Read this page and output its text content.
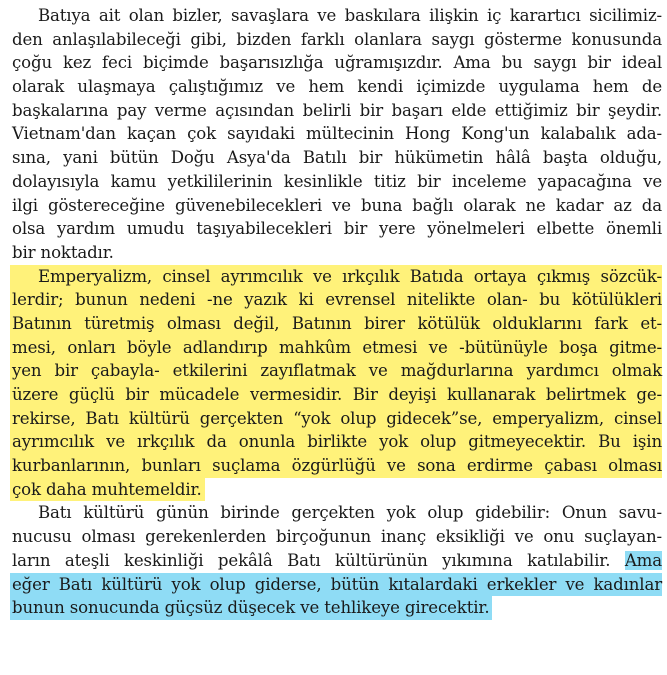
Batıya ait olan bizler, savaşlara ve baskılara ilişkin iç karartıcı sicilimiz-
den anlaşılabileceği gibi, bizden farklı olanlara saygı gösterme konusunda
çoğu kez feci biçimde başarısızlığa uğramışızdır. Ama bu saygı bir ideal
olarak ulaşmaya çalıştığımız ve hem kendi içimizde uygulama hem de
başkalarına pay verme açısından belirli bir başarı elde ettiğimiz bir şeydir.
Vietnam'dan kaçan çok sayıdaki mültecinin Hong Kong'un kalabalık ada-
sına, yani bütün Doğu Asya'da Batılı bir hükümetin hâlâ başta olduğu,
dolayısıyla kamu yetkililerinin kesinlikle titiz bir inceleme yapacağına ve
ilgi göstereceğine güvenebilecekleri ve buna bağlı olarak ne kadar az da
olsa yardım umudu taşıyabilecekleri bir yere yönelmeleri elbette önemli
bir noktadır.
Emperyalizm, cinsel ayrımcılık ve ırkçılık Batıda ortaya çıkmış sözcük-
lerdir; bunun nedeni -ne yazık ki evrensel nitelikte olan- bu kötülükleri
Batının türetmiş olması değil, Batının birer kötülük olduklarını fark et-
mesi, onları böyle adlandırıp mahkûm etmesi ve -bütünüyle boşa gitme-
yen bir çabayla- etkilerini zayıflatmak ve mağdurlarına yardımcı olmak
üzere güçlü bir mücadele vermesidir. Bir deyişi kullanarak belirtmek ge-
rekirse, Batı kültürü gerçekten “yok olup gidecek”se, emperyalizm, cinsel
ayrımcılık ve ırkçılık da onunla birlikte yok olup gitmeyecektir. Bu işin
kurbanlarının, bunları suçlama özgürlüğü ve sona erdirme çabası olması
çok daha muhtemeldir.
Batı kültürü günün birinde gerçekten yok olup gidebilir: Onun savu-
nucusu olması gerekenlerden birçoğunun inanç eksikliği ve onu suçlayan-
ların ateşli keskinliği pekâlâ Batı kültürünün yıkımına katılabilir. Ama
eğer Batı kültürü yok olup giderse, bütün kıtalardaki erkekler ve kadınlar
bunun sonucunda güçsüz düşecek ve tehlikeye girecektir.
